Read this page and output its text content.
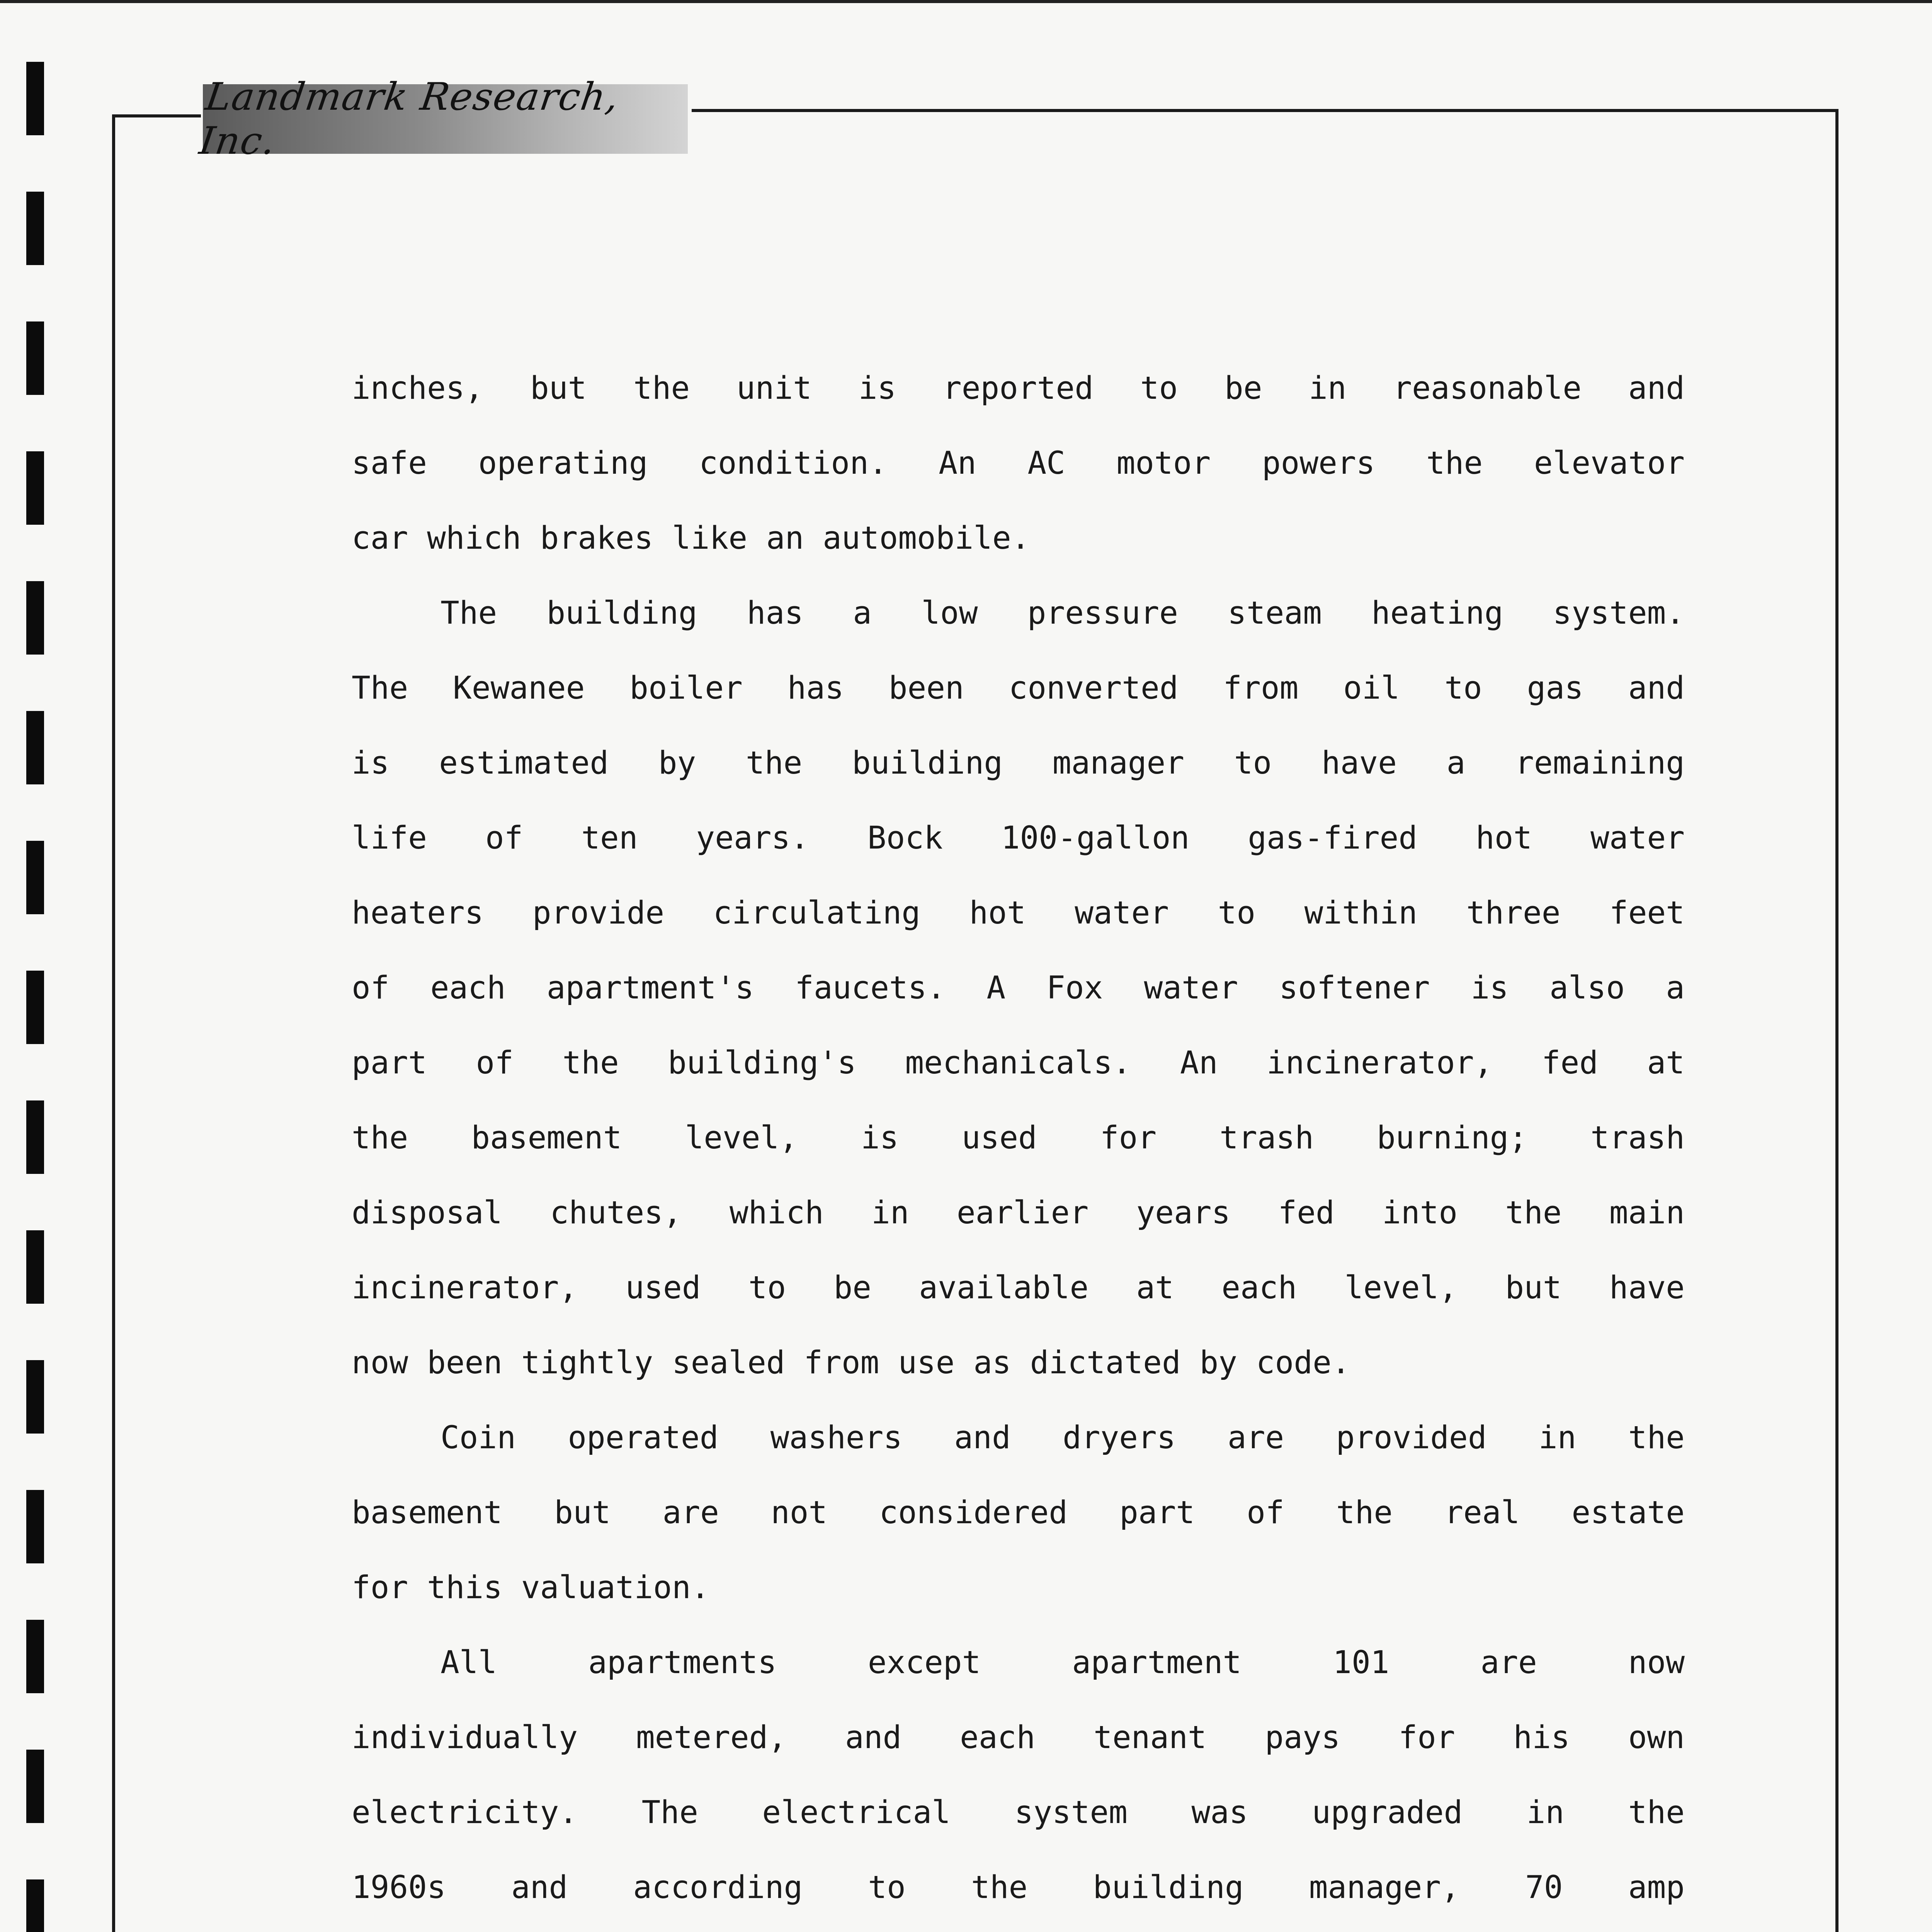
Landmark Research, Inc.
inches, but the unit is reported to be in reasonable and
safe operating condition. An AC motor powers the elevator
car which brakes like an automobile.
The building has a low pressure steam heating system.
The Kewanee boiler has been converted from oil to gas and
is estimated by the building manager to have a remaining
life of ten years. Bock 100-gallon gas-fired hot water
heaters provide circulating hot water to within three feet
of each apartment's faucets. A Fox water softener is also a
part of the building's mechanicals. An incinerator, fed at
the basement level, is used for trash burning; trash
disposal chutes, which in earlier years fed into the main
incinerator, used to be available at each level, but have
now been tightly sealed from use as dictated by code.
Coin operated washers and dryers are provided in the
basement but are not considered part of the real estate
for this valuation.
All apartments except apartment 101 are now
individually metered, and each tenant pays for his own
electricity. The electrical system was upgraded in the
1960s and according to the building manager, 70 amp
